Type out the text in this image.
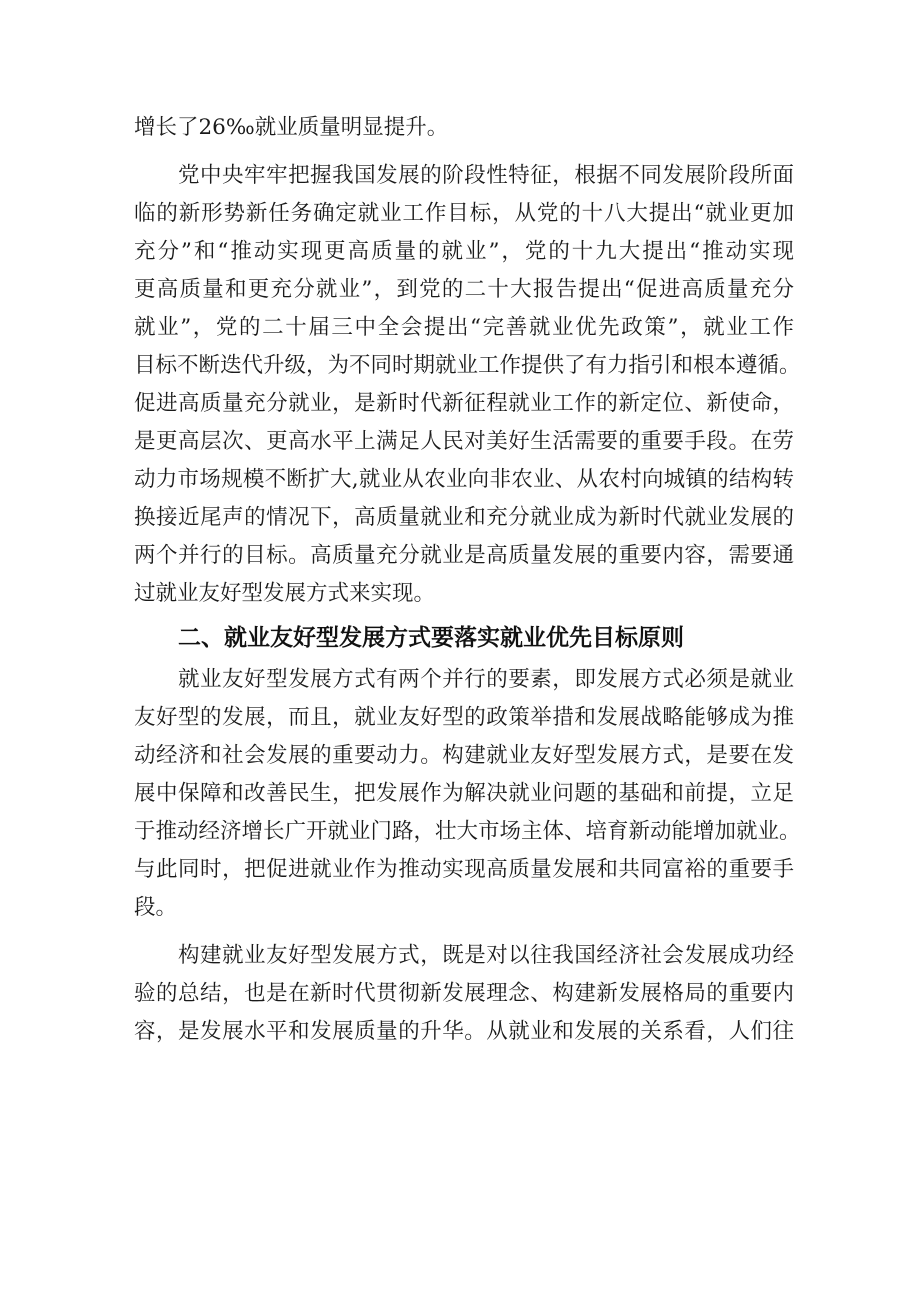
增长了26‰就业质量明显提升。
党中央牢牢把握我国发展的阶段性特征，根据不同发展阶段所面
临的新形势新任务确定就业工作目标，从党的十八大提出“就业更加
充分”和“推动实现更高质量的就业”，党的十九大提出“推动实现
更高质量和更充分就业”，到党的二十大报告提出“促进高质量充分
就业”，党的二十届三中全会提出“完善就业优先政策”，就业工作
目标不断迭代升级，为不同时期就业工作提供了有力指引和根本遵循。
促进高质量充分就业，是新时代新征程就业工作的新定位、新使命，
是更高层次、更高水平上满足人民对美好生活需要的重要手段。在劳
动力市场规模不断扩大,就业从农业向非农业、从农村向城镇的结构转
换接近尾声的情况下，高质量就业和充分就业成为新时代就业发展的
两个并行的目标。高质量充分就业是高质量发展的重要内容，需要通
过就业友好型发展方式来实现。
二、就业友好型发展方式要落实就业优先目标原则
就业友好型发展方式有两个并行的要素，即发展方式必须是就业
友好型的发展，而且，就业友好型的政策举措和发展战略能够成为推
动经济和社会发展的重要动力。构建就业友好型发展方式，是要在发
展中保障和改善民生，把发展作为解决就业问题的基础和前提，立足
于推动经济增长广开就业门路，壮大市场主体、培育新动能增加就业。
与此同时，把促进就业作为推动实现高质量发展和共同富裕的重要手
段。
构建就业友好型发展方式，既是对以往我国经济社会发展成功经
验的总结，也是在新时代贯彻新发展理念、构建新发展格局的重要内
容，是发展水平和发展质量的升华。从就业和发展的关系看，人们往
